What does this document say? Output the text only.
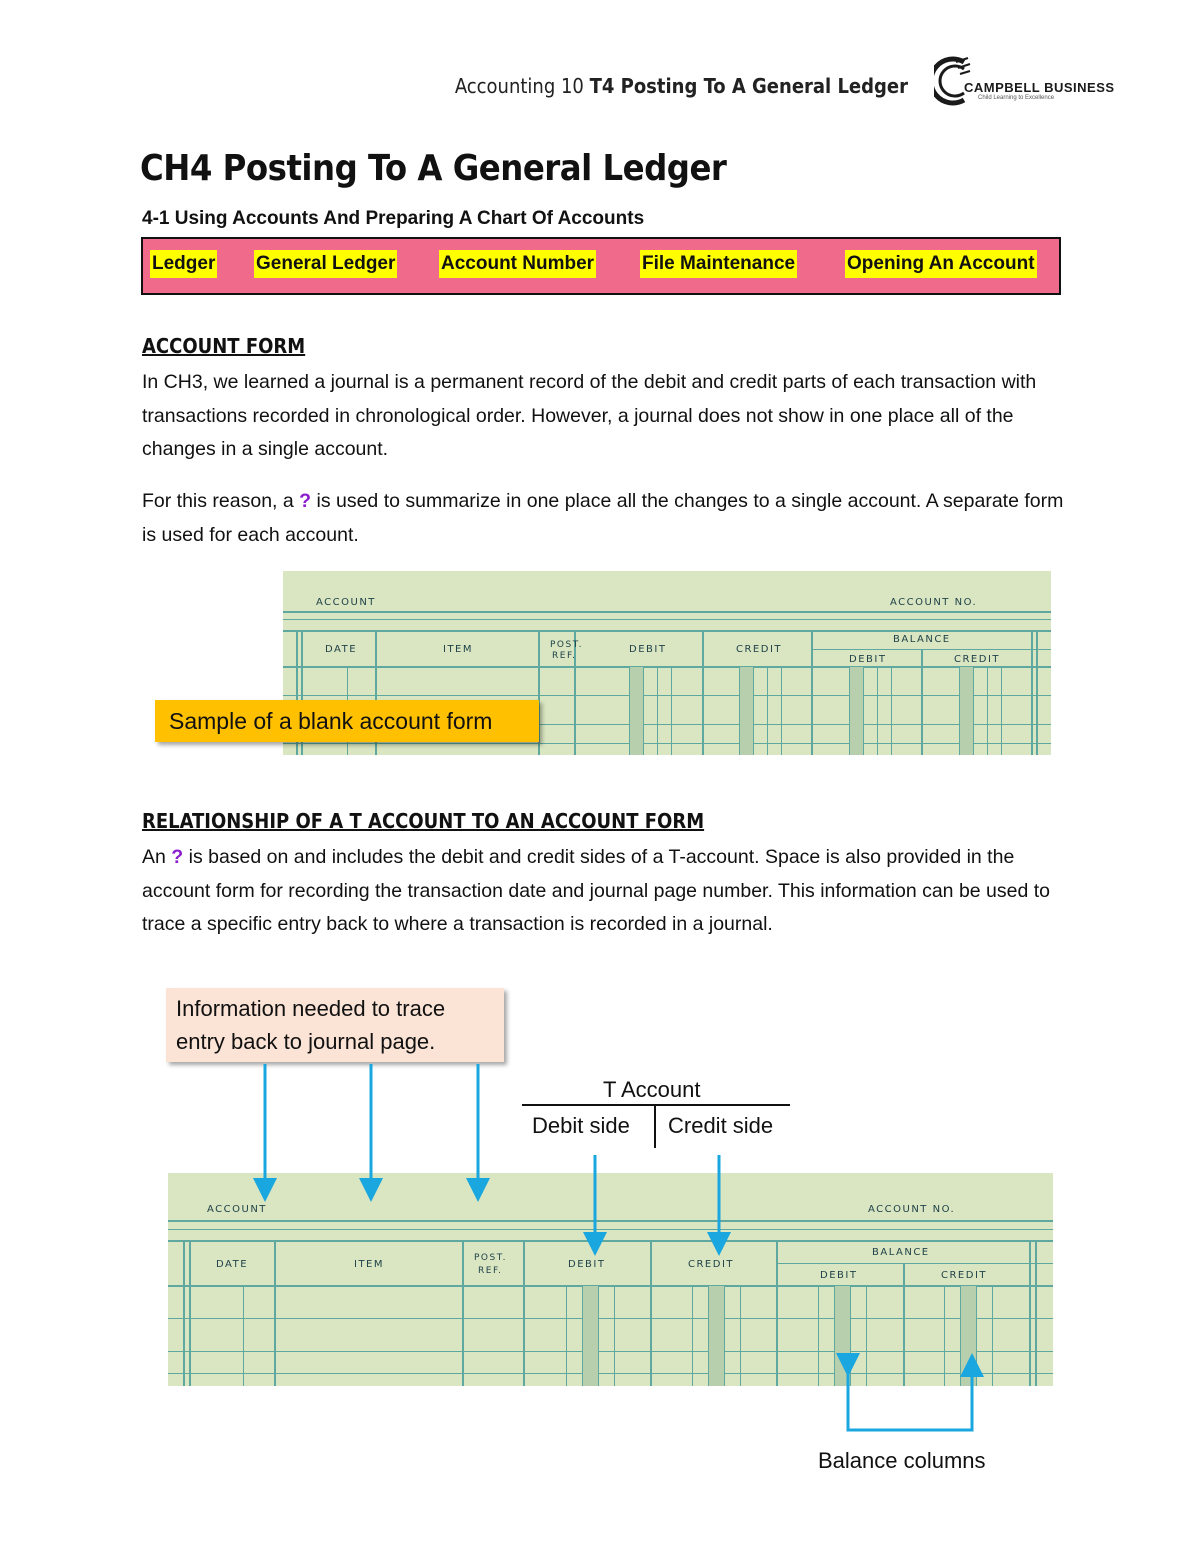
Accounting 10 T4 Posting To A General Ledger	CAMPBELL BUSINESS
Child Learning to Excellence
CH4 Posting To A General Ledger
4-1 Using Accounts And Preparing A Chart Of Accounts
Ledger General Ledger Account Number	File Maintenance	Opening An Account
ACCOUNT FORM

In CH3, we learned a journal is a permanent record of the debit and credit parts of each transaction with transactions recorded in chronological order. However, a journal does not show in one place all of the changes in a single account.

For this reason, a ? is used to summarize in one place all the changes to a single account. A separate form is used for each account.

ACCOUNT	ACCOUNT NO.
DATE	ITEM	POST.
REF.
DEBIT	CREDIT
BALANCE
DEBIT	CREDIT
Sample of a blank account form
RELATIONSHIP OF A T ACCOUNT TO AN ACCOUNT FORM

An ? is based on and includes the debit and credit sides of a T-account. Space is also provided in the account form for recording the transaction date and journal page number. This information can be used to trace a specific entry back to where a transaction is recorded in a journal.

Information needed to trace entry back to journal page.
T Account
Debit side Credit side
ACCOUNT	ACCOUNT NO.
DATE	ITEM
POST.
REF.
DEBIT	CREDIT
BALANCE
DEBIT	CREDIT
Balance columns
